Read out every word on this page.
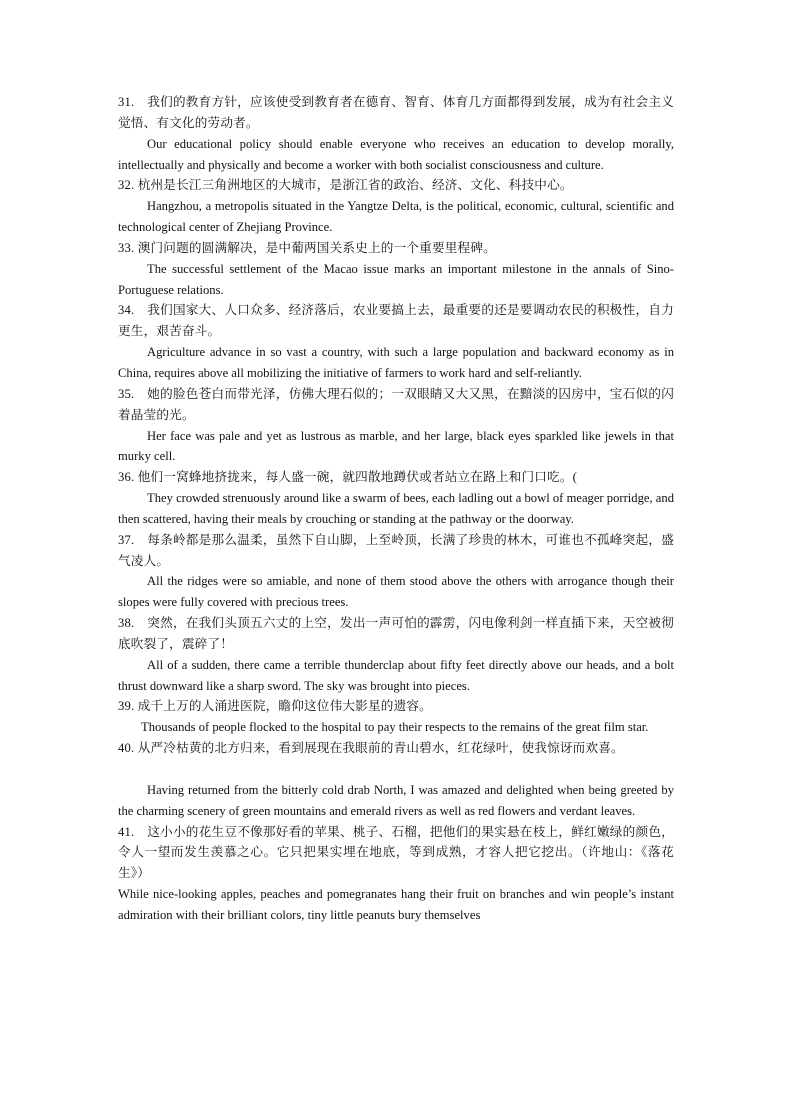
31.　我们的教育方针，应该使受到教育者在德育、智育、体育几方面都得到发展，成为有社会主义觉悟、有文化的劳动者。

Our educational policy should enable everyone who receives an education to develop morally, intellectually and physically and become a worker with both socialist consciousness and culture.

32. 杭州是长江三角洲地区的大城市，是浙江省的政治、经济、文化、科技中心。

Hangzhou, a metropolis situated in the Yangtze Delta, is the political, economic, cultural, scientific and technological center of Zhejiang Province.

33. 澳门问题的圆满解决，是中葡两国关系史上的一个重要里程碑。

The successful settlement of the Macao issue marks an important milestone in the annals of Sino-Portuguese relations.

34.　我们国家大、人口众多、经济落后，农业要搞上去，最重要的还是要调动农民的积极性，自力更生，艰苦奋斗。

Agriculture advance in so vast a country, with such a large population and backward economy as in China, requires above all mobilizing the initiative of farmers to work hard and self-reliantly.

35.　她的脸色苍白而带光泽，仿佛大理石似的；一双眼睛又大又黑，在黯淡的囚房中，宝石似的闪着晶莹的光。

Her face was pale and yet as lustrous as marble, and her large, black eyes sparkled like jewels in that murky cell.

36. 他们一窝蜂地挤拢来，每人盛一碗，就四散地蹲伏或者站立在路上和门口吃。(

They crowded strenuously around like a swarm of bees, each ladling out a bowl of meager porridge, and then scattered, having their meals by crouching or standing at the pathway or the doorway.

37.　每条岭都是那么温柔，虽然下自山脚，上至岭顶，长满了珍贵的林木，可谁也不孤峰突起，盛气凌人。

All the ridges were so amiable, and none of them stood above the others with arrogance though their slopes were fully covered with precious trees.

38.　突然，在我们头顶五六丈的上空，发出一声可怕的霹雳，闪电像利剑一样直插下来，天空被彻底吹裂了，震碎了！

All of a sudden, there came a terrible thunderclap about fifty feet directly above our heads, and a bolt thrust downward like a sharp sword. The sky was brought into pieces.

39. 成千上万的人涌进医院，瞻仰这位伟大影星的遗容。

Thousands of people flocked to the hospital to pay their respects to the remains of the great film star.

40. 从严冷枯黄的北方归来，看到展现在我眼前的青山碧水，红花绿叶，使我惊讶而欢喜。

Having returned from the bitterly cold drab North, I was amazed and delighted when being greeted by the charming scenery of green mountains and emerald rivers as well as red flowers and verdant leaves.

41.　这小小的花生豆不像那好看的苹果、桃子、石榴，把他们的果实悬在枝上，鲜红嫩绿的颜色，令人一望而发生羡慕之心。它只把果实埋在地底，等到成熟，才容人把它挖出。（许地山：《落花生》）

While nice-looking apples, peaches and pomegranates hang their fruit on branches and win people’s instant admiration with their brilliant colors, tiny little peanuts bury themselves
